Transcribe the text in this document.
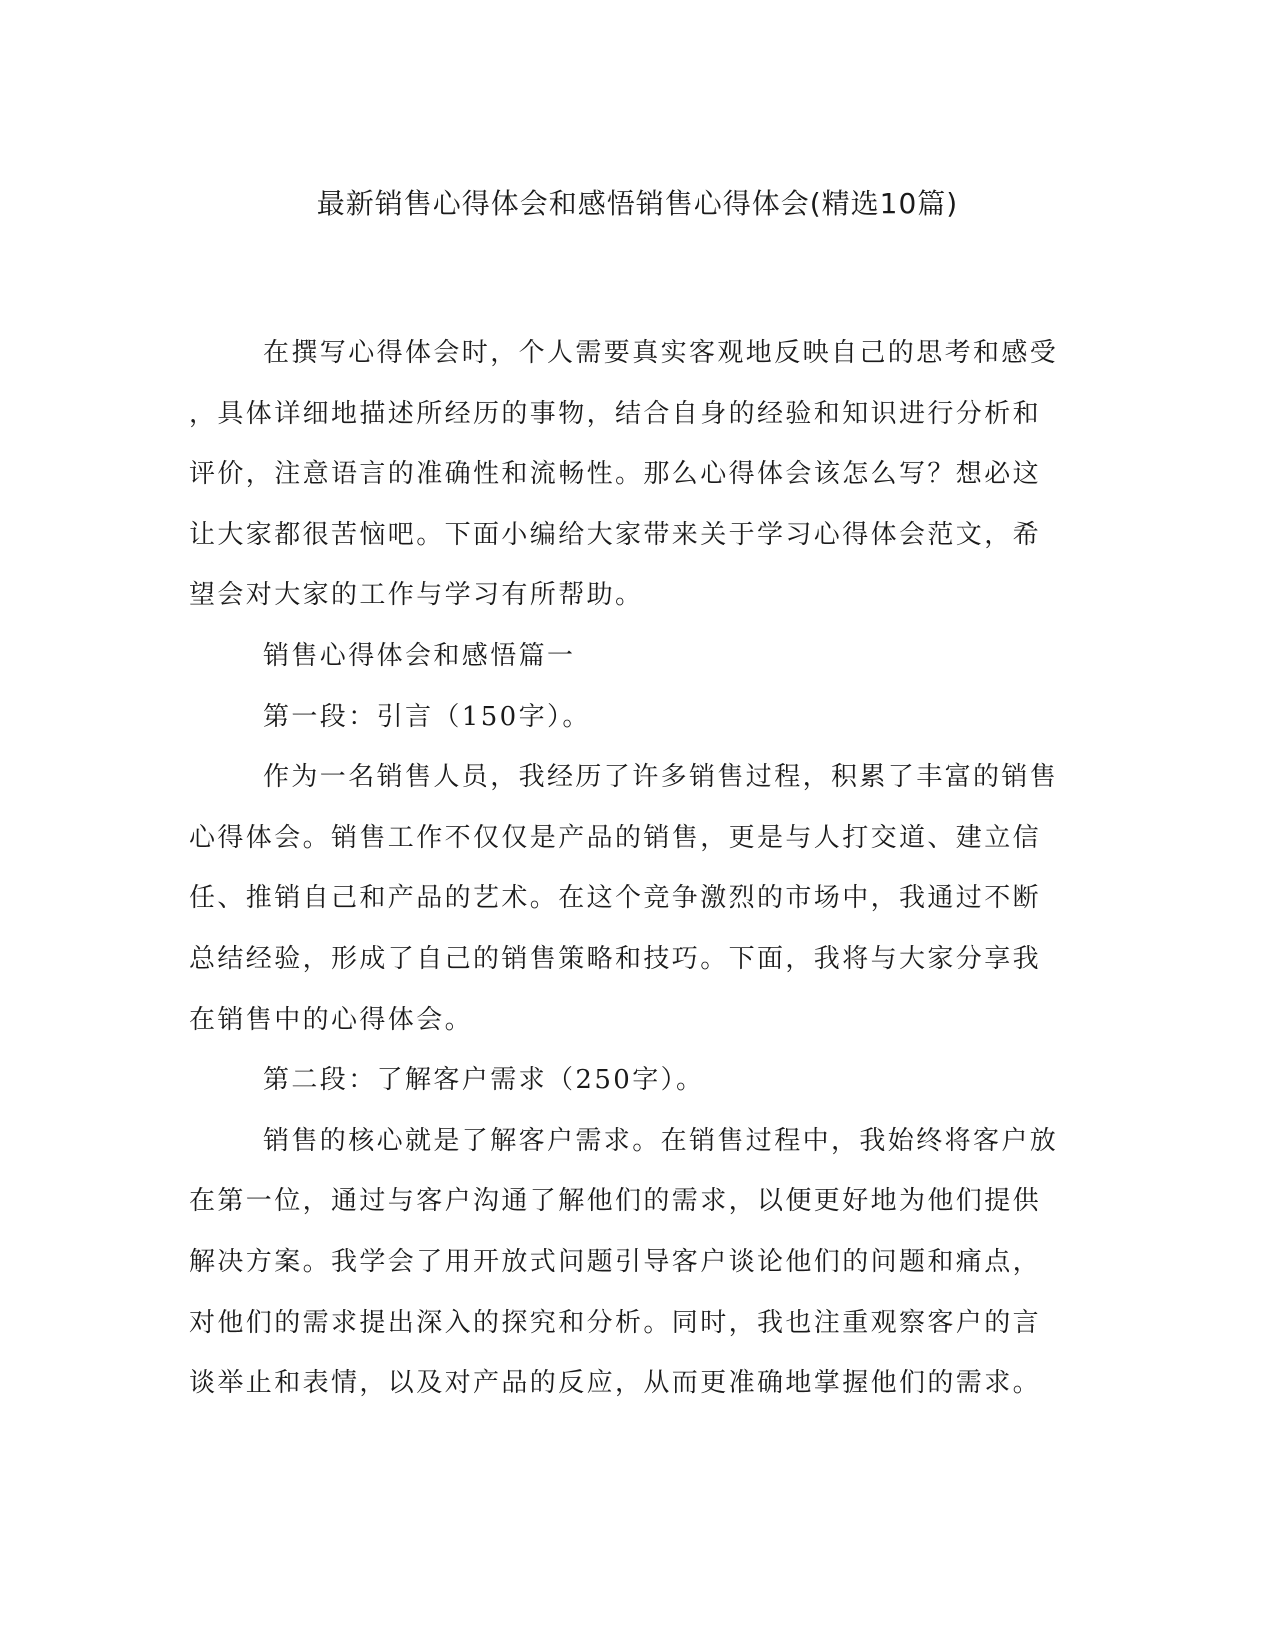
最新销售心得体会和感悟销售心得体会(精选10篇)
在撰写心得体会时，个人需要真实客观地反映自己的思考和感受
，具体详细地描述所经历的事物，结合自身的经验和知识进行分析和
评价，注意语言的准确性和流畅性。那么心得体会该怎么写？想必这
让大家都很苦恼吧。下面小编给大家带来关于学习心得体会范文，希
望会对大家的工作与学习有所帮助。
销售心得体会和感悟篇一
第一段：引言（150字）。
作为一名销售人员，我经历了许多销售过程，积累了丰富的销售
心得体会。销售工作不仅仅是产品的销售，更是与人打交道、建立信
任、推销自己和产品的艺术。在这个竞争激烈的市场中，我通过不断
总结经验，形成了自己的销售策略和技巧。下面，我将与大家分享我
在销售中的心得体会。
第二段：了解客户需求（250字）。
销售的核心就是了解客户需求。在销售过程中，我始终将客户放
在第一位，通过与客户沟通了解他们的需求，以便更好地为他们提供
解决方案。我学会了用开放式问题引导客户谈论他们的问题和痛点，
对他们的需求提出深入的探究和分析。同时，我也注重观察客户的言
谈举止和表情，以及对产品的反应，从而更准确地掌握他们的需求。
